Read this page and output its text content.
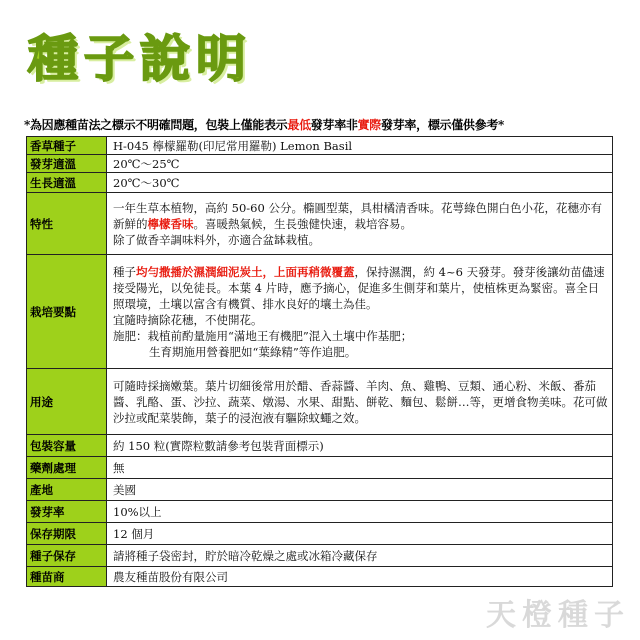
種子說明
*為因應種苗法之標示不明確問題，包裝上僅能表示最低發芽率非實際發芽率，標示僅供參考*
香草種子	H-045 檸檬羅勒(印尼常用羅勒) Lemon Basil
發芽適溫	20℃～25℃
生長適溫	20℃～30℃
特性	一年生草本植物，高約 50-60 公分。橢圓型葉，具柑橘清香味。花萼綠色開白色小花，花穗亦有新鮮的檸檬香味。喜暖熱氣候，生長強健快速，栽培容易。
除了做香辛調味料外，亦適合盆缽栽植。

栽培要點	種子均勻撒播於濕潤細泥炭土，上面再稍微覆蓋，保持濕潤，約 4~6 天發芽。發芽後讓幼苗儘速接受陽光，以免徒長。本葉 4 片時，應予摘心，促進多生側芽和葉片，使植株更為緊密。喜全日照環境，土壤以富含有機質、排水良好的壤土為佳。
宜隨時摘除花穗，不使開花。
施肥：栽植前酌量施用“滿地王有機肥”混入土壤中作基肥；
生育期施用營養肥如“葉綠精”等作追肥。

用途	可隨時採摘嫩葉。葉片切細後常用於醋、香蒜醬、羊肉、魚、雞鴨、豆類、通心粉、米飯、番茄醬、乳酪、蛋、沙拉、蔬菜、燉湯、水果、甜點、餅乾、麵包、鬆餅…等，更增食物美味。花可做沙拉或配菜裝飾，葉子的浸泡液有驅除蚊蠅之效。
包裝容量	約 150 粒(實際粒數請參考包裝背面標示)
藥劑處理	無
產地	美國
發芽率	10%以上
保存期限	12 個月
種子保存	請將種子袋密封，貯於暗冷乾燥之處或冰箱冷藏保存
種苗商	農友種苗股份有限公司
天橙種子
